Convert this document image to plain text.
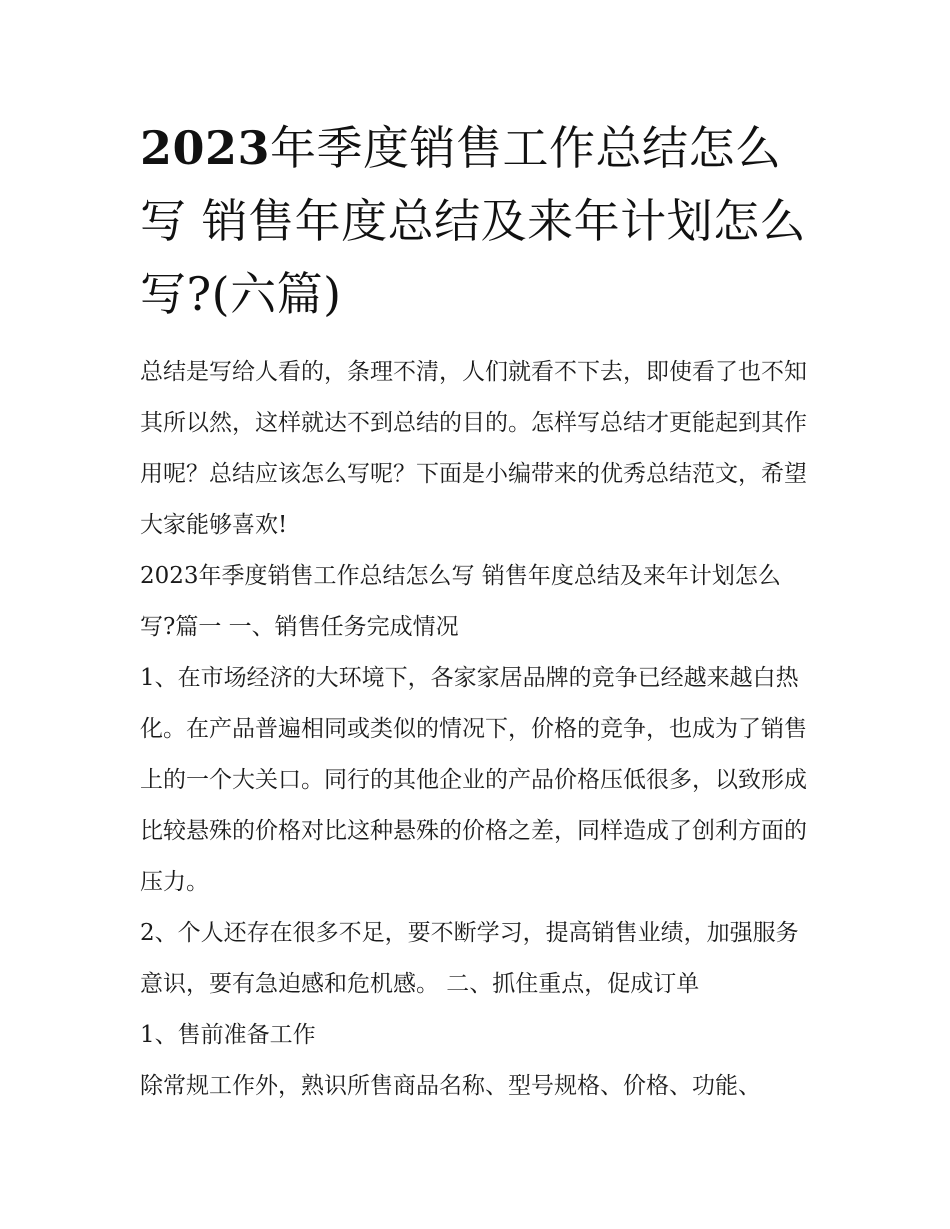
2023年季度销售工作总结怎么写 销售年度总结及来年计划怎么写?(六篇)

总结是写给人看的，条理不清，人们就看不下去，即使看了也不知其所以然，这样就达不到总结的目的。怎样写总结才更能起到其作用呢？总结应该怎么写呢？下面是小编带来的优秀总结范文，希望大家能够喜欢!

2023年季度销售工作总结怎么写 销售年度总结及来年计划怎么写?篇一 一、销售任务完成情况

1、在市场经济的大环境下，各家家居品牌的竞争已经越来越白热化。在产品普遍相同或类似的情况下，价格的竞争，也成为了销售上的一个大关口。同行的其他企业的产品价格压低很多，以致形成比较悬殊的价格对比这种悬殊的价格之差，同样造成了创利方面的压力。

2、个人还存在很多不足，要不断学习，提高销售业绩，加强服务意识，要有急迫感和危机感。 二、抓住重点，促成订单

1、售前准备工作

除常规工作外，熟识所售商品名称、型号规格、价格、功能、
